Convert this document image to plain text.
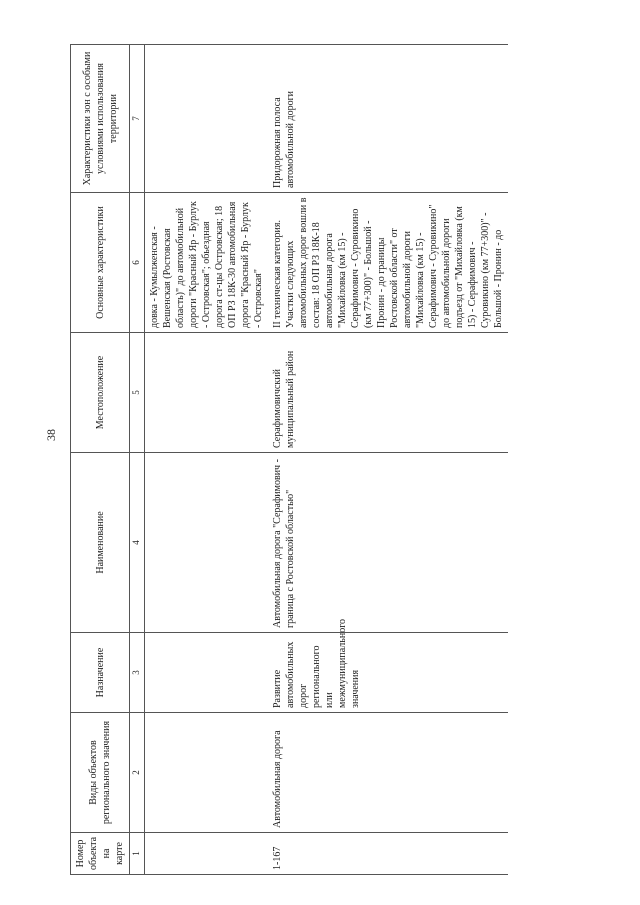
38
Номер объекта на карте	Виды объектов регионального значения	Назначение	Наименование	Местоположение	Основные характеристики	Характеристики зон с особыми условиями использования территории
1	2	3	4	5	6	7
					довка - Кумылженская - Вешенская (Ростовская область)" до автомобильной дороги "Красный Яр - Бурлук - Островская"; обьездная дорога ст-цы Островская; 18 ОП РЗ 18К-30 автомобильная дорога "Красный Яр - Бурлук - Островская"	
1-167	Автомобильная дорога	Развитие автомобильных дорог регионального или межмуниципального значения	Автомобильная дорога "Серафимович - граница с Ростовской областью"	Серафимовичский муниципальный район	II техническая категория. Участки следующих автомобильных дорог вошли в состав: 18 ОП РЗ 18К-18 автомобильная дорога "Михайловка (км 15) - Серафимович - Суровикино (км 77+300)" - Большой - Пронин - до границы Ростовской области" от автомобильной дороги "Михайловка (км 15) - Серафимович - Суровикино" до автомобильной дороги подъезд от "Михайловка (км 15) - Серафимович - Суровикино (км 77+300)" - Большой - Пронин - до	Придорожная полоса автомобильной дороги
